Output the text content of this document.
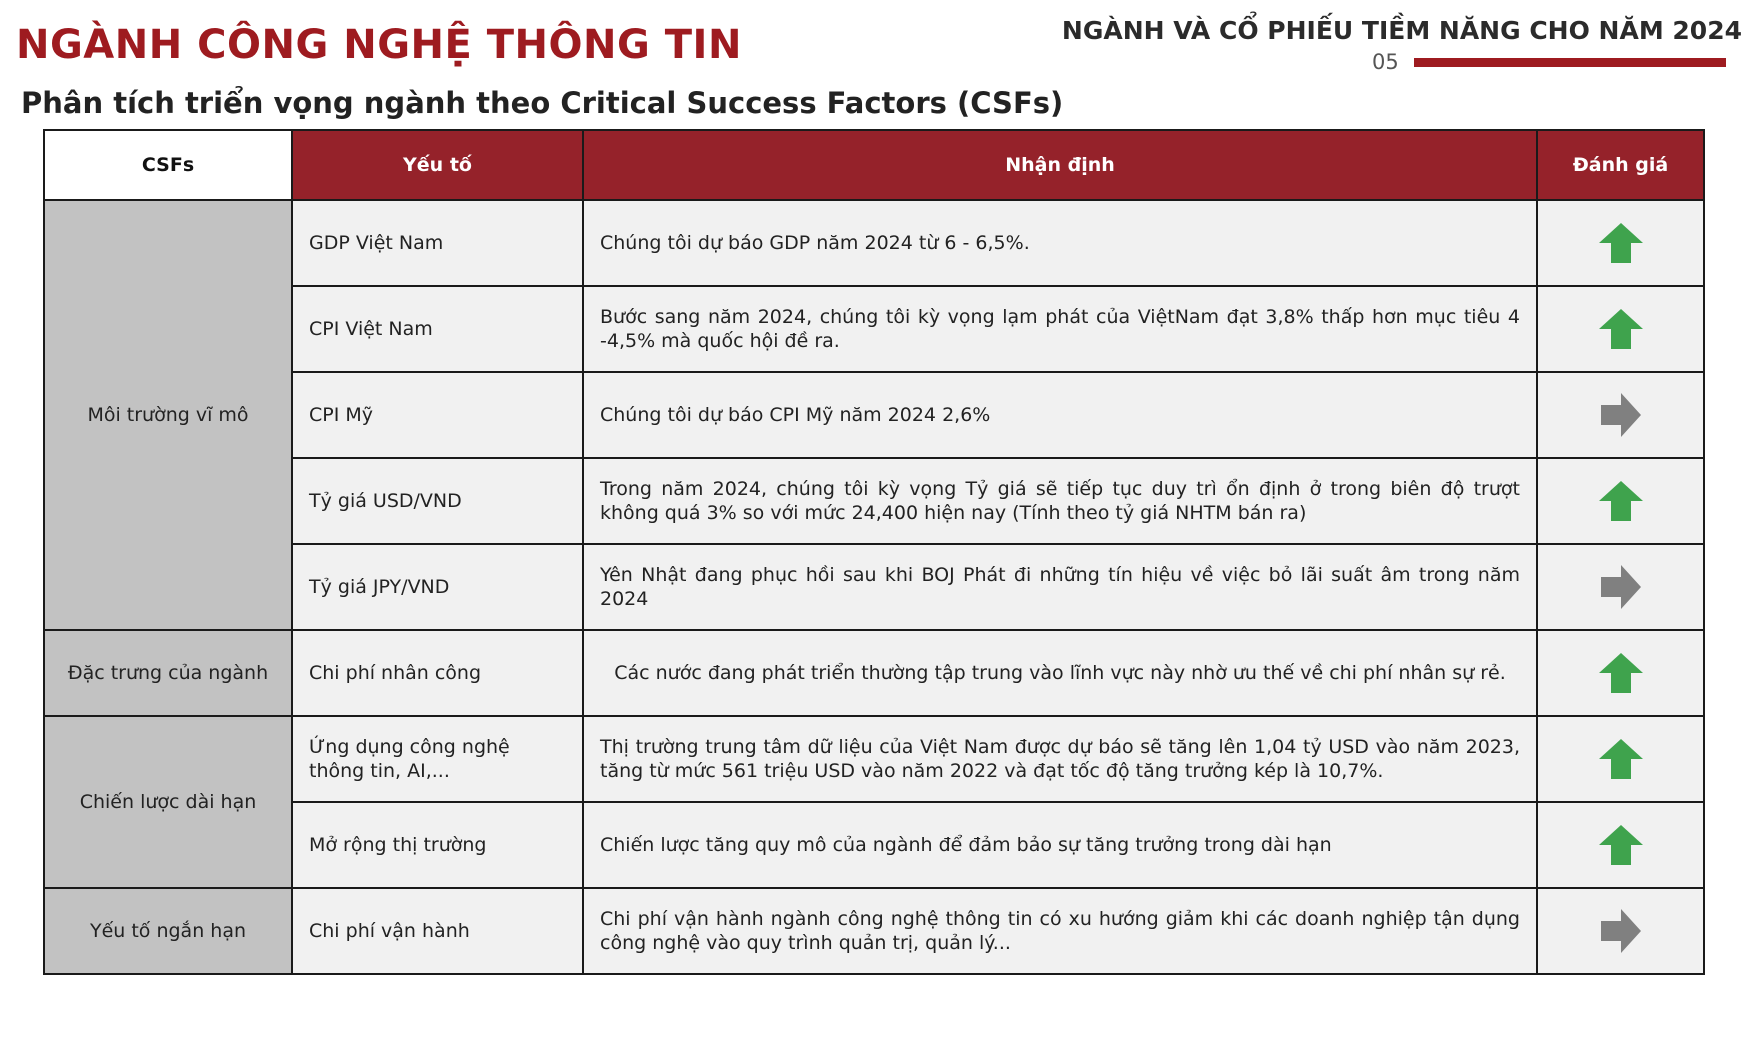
NGÀNH CÔNG NGHỆ THÔNG TIN	NGÀNH VÀ CỔ PHIẾU TIỀM NĂNG CHO NĂM 2024
05
Phân tích triển vọng ngành theo Critical Success Factors (CSFs)
CSFs	Yếu tố	Nhận định	Đánh giá
Môi trường vĩ mô	GDP Việt Nam	Chúng tôi dự báo GDP năm 2024 từ 6 - 6,5%.	
	CPI Việt Nam	Bước sang năm 2024, chúng tôi kỳ vọng lạm phát của ViệtNam đạt 3,8% thấp hơn mục tiêu 4 -4,5% mà quốc hội đề ra.	
	CPI Mỹ	Chúng tôi dự báo CPI Mỹ năm 2024 2,6%	
	Tỷ giá USD/VND	Trong năm 2024, chúng tôi kỳ vọng Tỷ giá sẽ tiếp tục duy trì ổn định ở trong biên độ trượt không quá 3% so với mức 24,400 hiện nay (Tính theo tỷ giá NHTM bán ra)	
	Tỷ giá JPY/VND	Yên Nhật đang phục hồi sau khi BOJ Phát đi những tín hiệu về việc bỏ lãi suất âm trong năm 2024	
Đặc trưng của ngành	Chi phí nhân công	Các nước đang phát triển thường tập trung vào lĩnh vực này nhờ ưu thế về chi phí nhân sự rẻ.	
Chiến lược dài hạn	Ứng dụng công nghệ thông tin, AI,...	Thị trường trung tâm dữ liệu của Việt Nam được dự báo sẽ tăng lên 1,04 tỷ USD vào năm 2023, tăng từ mức 561 triệu USD vào năm 2022 và đạt tốc độ tăng trưởng kép là 10,7%.	
	Mở rộng thị trường	Chiến lược tăng quy mô của ngành để đảm bảo sự tăng trưởng trong dài hạn	
Yếu tố ngắn hạn	Chi phí vận hành	Chi phí vận hành ngành công nghệ thông tin có xu hướng giảm khi các doanh nghiệp tận dụng công nghệ vào quy trình quản trị, quản lý...	
